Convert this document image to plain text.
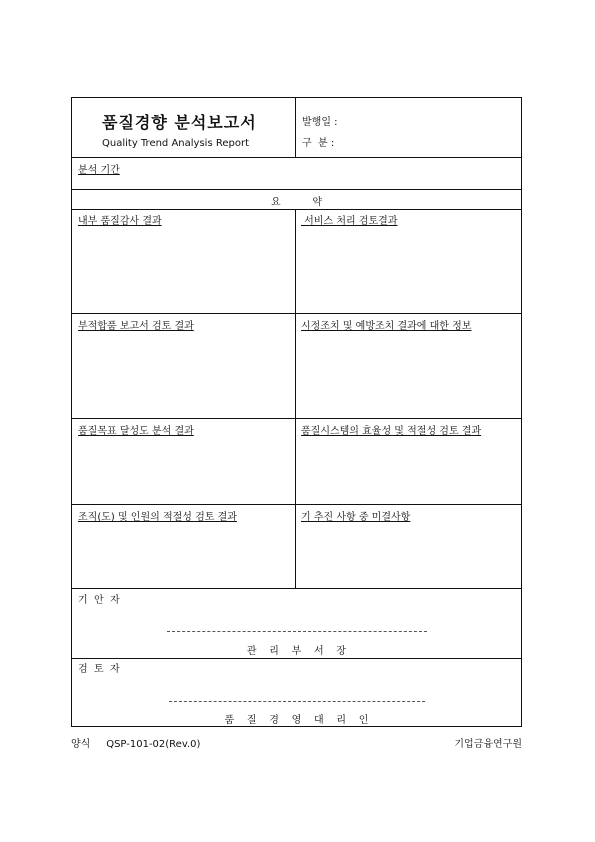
품질경향 분석보고서
Quality Trend Analysis Report
발행일 :
구  분 :
분석 기간
요          약
내부 품질감사 결과	서비스 처리 검토결과
부적합품 보고서 검토 결과	시정조치 및 예방조치 결과에 대한 정보
품질목표 달성도 분석 결과	품질시스템의 효율성 및 적절성 검토 결과
조직(도) 및 인원의 적절성 검토 결과	기 추진 사항 중 미결사항
기  안  자
관    리    부    서    장
검  토  자
품    질    경    영    대    리    인
양식     QSP-101-02(Rev.0)	기업금융연구원
